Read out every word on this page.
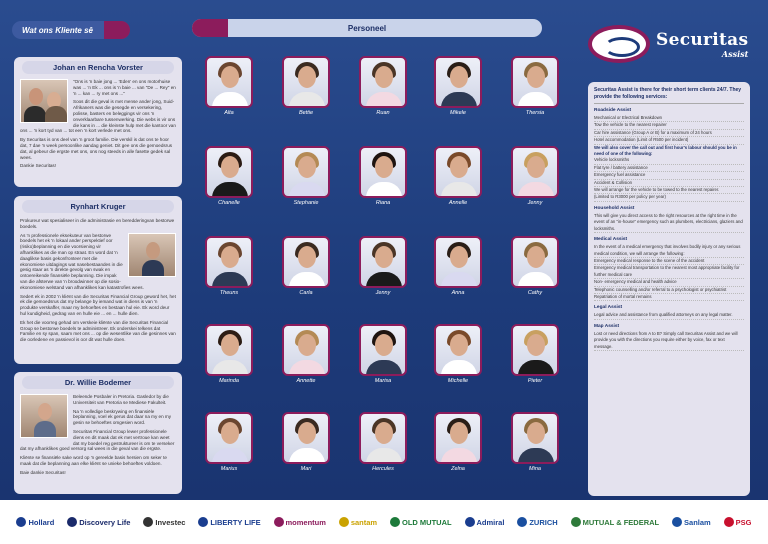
Wat ons Kliente sê	Personeel
Johan en Rencha Vorster

"Ons is 'n baie jong ... 'Eden' en ons motorhuise was ... 'n Ek ... ons is 'n baie ... van "De ... Rey" en 'n ... kan ... ry met ons ..."

Soos dit die geval is met mense ander jong, Suid-Afrikaners was die gesegde en versekering, polisse, basters en beleggings vir ons 'n onverklaarbare tussenwerking. Die webs is vir ons die kans in ... die kleinste hulp met die kantoor van ons ... 'n kort tyd van ... tot een 'n kort verlede met ons.

By Securitas is ons deel van 'n groot familie. Die verskil is dat ons te hoor dat, 7 dae 'n week persoonlike aandag geniet. Dit gee ons die gemoedsrus dat, al gebeur die ergste met ons, ons nog steeds in alle fasette gedek sal wees.

Dankie Securitas!

Rynhart Kruger

Prokureur wat spesialiseer in die administrasie en beredderingvan bestorwe boedels.

As 'n professionele eksekuteur van bestorwe boedels het ek 'n lokaal ander perspektief oor (risiko)beplanning en die voorsiening vir afhanklikes as die man op straat. En word dat 'n daaglikse basis gekonfronteer met die ekonomiese uitdagings wat nasebestaandes in die gesig staar as 'n direkte gevolg van swak en ontoereikende finansiële beplanning. Die impak van die afsterwe van 'n broodwinner op die sosio-ekonomiese welstand van afhanklikes kan katastrofies wees.

Sedert ek in 2002 'n kliënt van die Securitas Financial Group geword het, het ek die gemoedsrus dat my belange by iemand wat in diens is van 'n produkte verskaffer, maar my behoeftes en bestaan hul eie. Ek word deur hul kundigheid, gedrag van en hulle eie ... en ... hulle dien.

Ek het die voorreg gehad om verskeie kliënte van die Securitas Financial Group se bestorwe boedels te administreer. Ek onderskei telkens dat Familie en sy span, saam met ons ... op die wesentlike van die gesinnes van die oorledene en passievol is oor dit wat hulle doen.

Dr. Willie Bodemer

Beleende Posbaler in Pretoria. Gasledor by die Universiteit van Pretoria se Mediese Fakulteit.

Na 'n volledige beskrywing en finansiële beplanning, voel ek gerus dat daar na my en my gesin se behoeftes omgesien word.

Securitas Financial Group lewer professionele diens en dit maak dat ek met vertroue kan weet dat my boedel reg gestruktureer is om te verseker dat my afhanklikes goed versorg sal wees in die geval van die ergste.

Kliënte se finansiële sake word op 'n gereelde basis hersien om seker te maak dat die beplanning aan elke kliënt se unieke behoeftes voldoen.

Baie dankie Securitas!

Alta	Bettie	Ruan	Mikele	Thersia
Chanelle	Stephanie	Riana	Annelle	Jenny
Theuns	Carla	Jenny	Anna	Cathy
Marinda	Annette	Marisa	Michelle	Pieter
Marius	Mari	Hercules	Zelna	Mina
Securitas
Assist
Securitas Assist is there for their short term clients 24/7. They provide the following services:
Roadside Assist
Mechanical or Electrical Breakdown
Tow the vehicle to the nearest repairer
Car hire assistance (Group A or B) for a maximum of 24 hours
Hotel accommodation (Limit of R500 per incident)
We will also cover the call out and first hour's labour should you be in need of one of the following:
Vehicle locksmiths
Flat tyre / battery assistance
Emergency fuel assistance
Accident & Collision
We will arrange for the vehicle to be towed to the nearest repairer.
(Limited to R3000 per policy per year)
Household Assist
This will give you direct access to the right resources at the right time in the event of an "in-house" emergency such as plumbers, electricians, glaziers and locksmiths.
Medical Assist
In the event of a medical emergency that involves bodily injury or any serious medical condition, we will arrange the following:
Emergency medical response to the scene of the accident
Emergency medical transportation to the nearest most appropriate facility for further medical care
Non- emergency medical and health advice
Telephonic counselling and/or referral to a psychologist or psychiatrist
Repatriation of mortal remains
Legal Assist
Legal advice and assistance from qualified attorneys on any legal matter.
Map Assist
Lost or need directions from A to B? Simply call Securitas Assist and we will provide you with the directions you require either by voice, fax or text message.
Hollard	Discovery Life	Investec	LIBERTY LIFE	momentum	santam	OLD MUTUAL	Admiral	ZURICH	MUTUAL & FEDERAL	Sanlam	PSG
